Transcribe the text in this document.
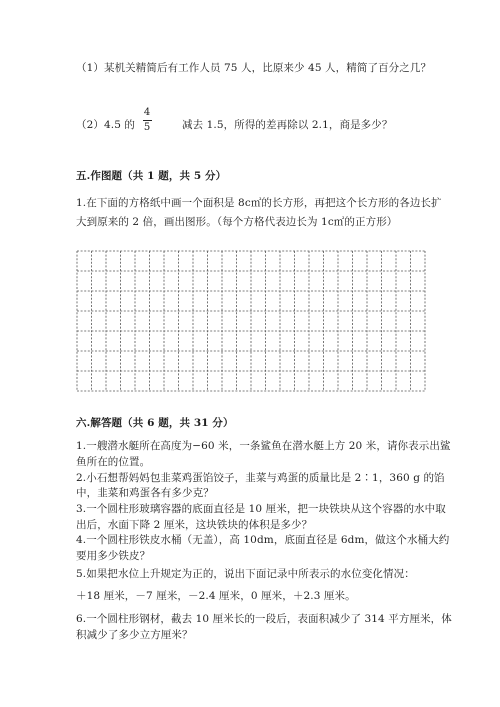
（1）某机关精简后有工作人员 75 人，比原来少 45 人，精简了百分之几？
（2）4.5 的
4
5	减去 1.5，所得的差再除以 2.1，商是多少？
五.作图题（共 1 题，共 5 分）
1.在下面的方格纸中画一个面积是 8c㎡的长方形，再把这个长方形的各边长扩
大到原来的 2 倍，画出图形。（每个方格代表边长为 1c㎡的正方形）
六.解答题（共 6 题，共 31 分）
1.一艘潜水艇所在高度为−60 米，一条鲨鱼在潜水艇上方 20 米，请你表示出鲨
鱼所在的位置。
2.小石想帮妈妈包韭菜鸡蛋馅饺子，韭菜与鸡蛋的质量比是 2∶1，360 g 的馅
中，韭菜和鸡蛋各有多少克？
3.一个圆柱形玻璃容器的底面直径是 10 厘米，把一块铁块从这个容器的水中取
出后，水面下降 2 厘米，这块铁块的体积是多少？
4.一个圆柱形铁皮水桶（无盖），高 10dm，底面直径是 6dm，做这个水桶大约
要用多少铁皮？
5.如果把水位上升规定为正的，说出下面记录中所表示的水位变化情况：
＋18 厘米，－7 厘米，－2.4 厘米，0 厘米，＋2.3 厘米。
6.一个圆柱形钢材，截去 10 厘米长的一段后，表面积减少了 314 平方厘米，体
积减少了多少立方厘米？
